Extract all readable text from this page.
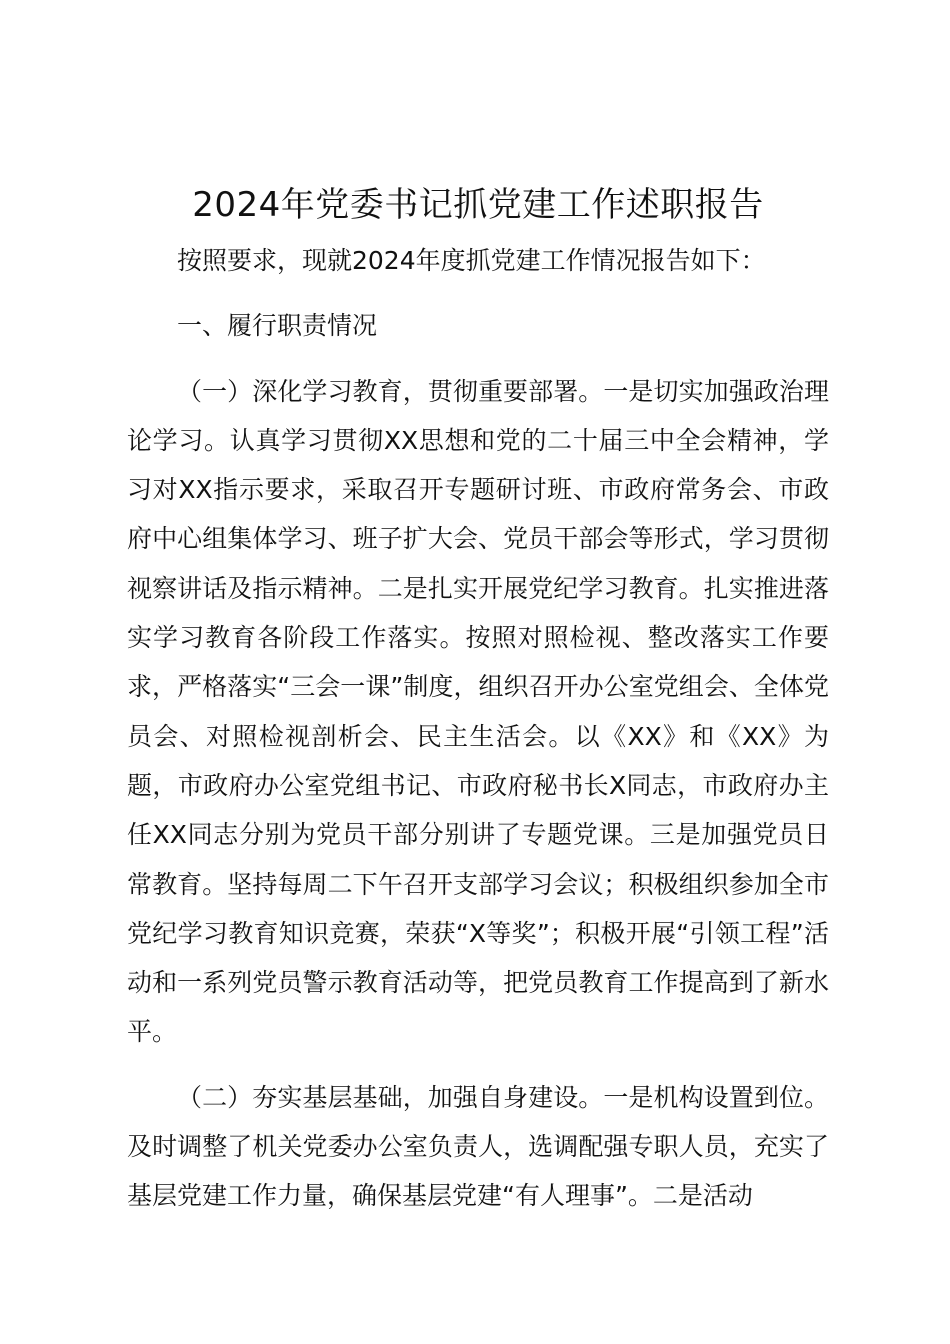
2024年党委书记抓党建工作述职报告

按照要求，现就2024年度抓党建工作情况报告如下：

一、履行职责情况

（一）深化学习教育，贯彻重要部署。一是切实加强政治理论学习。认真学习贯彻XX思想和党的二十届三中全会精神，学习对XX指示要求，采取召开专题研讨班、市政府常务会、市政府中心组集体学习、班子扩大会、党员干部会等形式，学习贯彻视察讲话及指示精神。二是扎实开展党纪学习教育。扎实推进落实学习教育各阶段工作落实。按照对照检视、整改落实工作要求，严格落实“三会一课”制度，组织召开办公室党组会、全体党员会、对照检视剖析会、民主生活会。以《XX》和《XX》为题，市政府办公室党组书记、市政府秘书长X同志，市政府办主任XX同志分别为党员干部分别讲了专题党课。三是加强党员日常教育。坚持每周二下午召开支部学习会议；积极组织参加全市党纪学习教育知识竞赛，荣获“X等奖”；积极开展“引领工程”活动和一系列党员警示教育活动等，把党员教育工作提高到了新水平。

（二）夯实基层基础，加强自身建设。一是机构设置到位。及时调整了机关党委办公室负责人，选调配强专职人员，充实了基层党建工作力量，确保基层党建“有人理事”。二是活动
